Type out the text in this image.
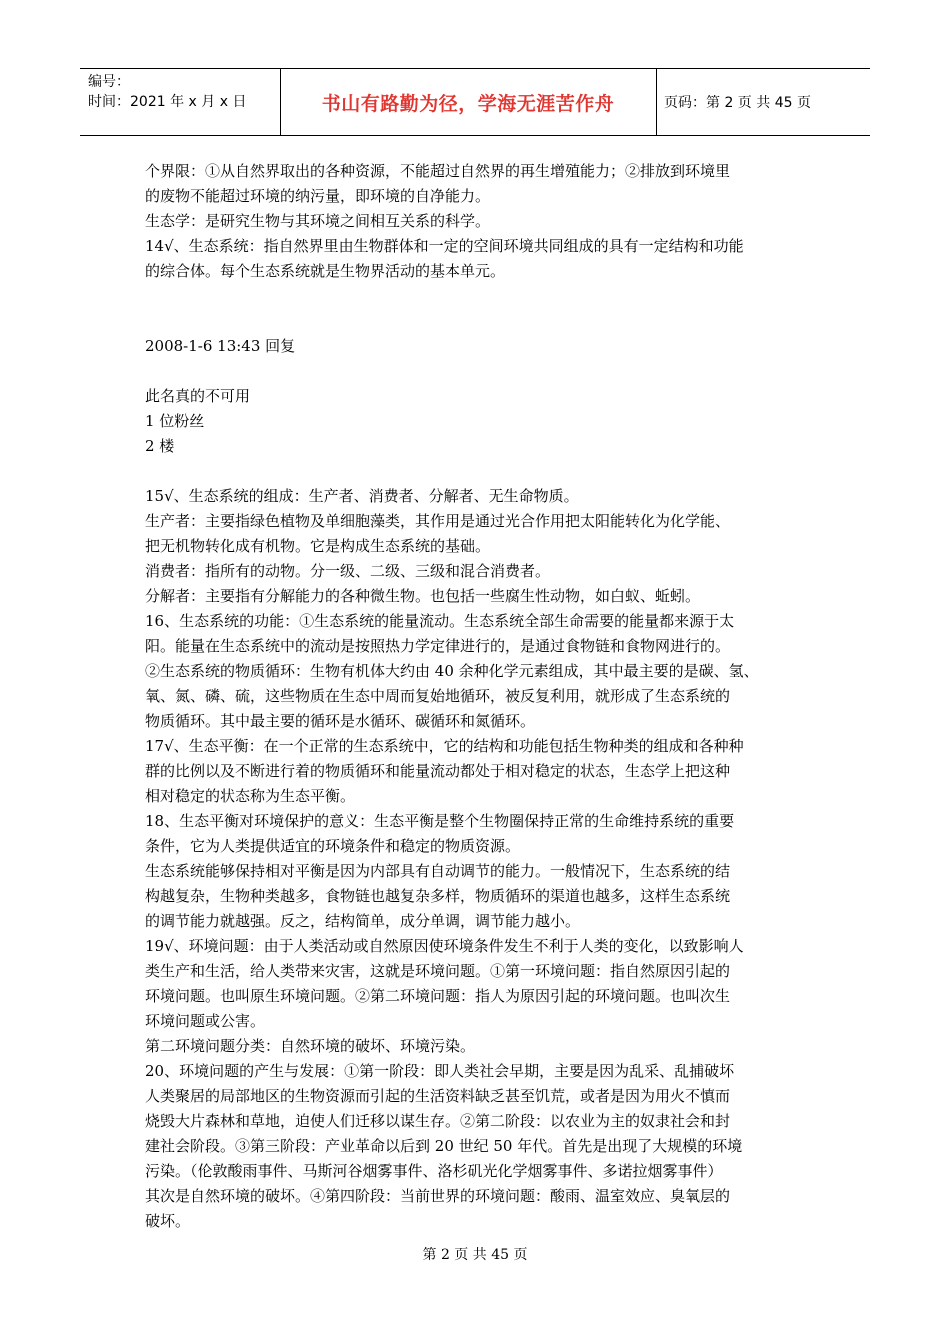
编号：
时间：2021 年 x 月 x 日	书山有路勤为径，学海无涯苦作舟	页码：第 2 页 共 45 页

个界限：①从自然界取出的各种资源，不能超过自然界的再生增殖能力；②排放到环境里

的废物不能超过环境的纳污量，即环境的自净能力。

生态学：是研究生物与其环境之间相互关系的科学。

14√、生态系统：指自然界里由生物群体和一定的空间环境共同组成的具有一定结构和功能

的综合体。每个生态系统就是生物界活动的基本单元。

2008-1-6 13:43 回复

此名真的不可用

1 位粉丝

2 楼

15√、生态系统的组成：生产者、消费者、分解者、无生命物质。

生产者：主要指绿色植物及单细胞藻类，其作用是通过光合作用把太阳能转化为化学能、

把无机物转化成有机物。它是构成生态系统的基础。

消费者：指所有的动物。分一级、二级、三级和混合消费者。

分解者：主要指有分解能力的各种微生物。也包括一些腐生性动物，如白蚁、蚯蚓。

16、生态系统的功能：①生态系统的能量流动。生态系统全部生命需要的能量都来源于太

阳。能量在生态系统中的流动是按照热力学定律进行的，是通过食物链和食物网进行的。

②生态系统的物质循环：生物有机体大约由 40 余种化学元素组成，其中最主要的是碳、氢、

氧、氮、磷、硫，这些物质在生态中周而复始地循环，被反复利用，就形成了生态系统的

物质循环。其中最主要的循环是水循环、碳循环和氮循环。

17√、生态平衡：在一个正常的生态系统中，它的结构和功能包括生物种类的组成和各种种

群的比例以及不断进行着的物质循环和能量流动都处于相对稳定的状态，生态学上把这种

相对稳定的状态称为生态平衡。

18、生态平衡对环境保护的意义：生态平衡是整个生物圈保持正常的生命维持系统的重要

条件，它为人类提供适宜的环境条件和稳定的物质资源。

生态系统能够保持相对平衡是因为内部具有自动调节的能力。一般情况下，生态系统的结

构越复杂，生物种类越多，食物链也越复杂多样，物质循环的渠道也越多，这样生态系统

的调节能力就越强。反之，结构简单，成分单调，调节能力越小。

19√、环境问题：由于人类活动或自然原因使环境条件发生不利于人类的变化，以致影响人

类生产和生活，给人类带来灾害，这就是环境问题。①第一环境问题：指自然原因引起的

环境问题。也叫原生环境问题。②第二环境问题：指人为原因引起的环境问题。也叫次生

环境问题或公害。

第二环境问题分类：自然环境的破坏、环境污染。

20、环境问题的产生与发展：①第一阶段：即人类社会早期，主要是因为乱采、乱捕破坏

人类聚居的局部地区的生物资源而引起的生活资料缺乏甚至饥荒，或者是因为用火不慎而

烧毁大片森林和草地，迫使人们迁移以谋生存。②第二阶段：以农业为主的奴隶社会和封

建社会阶段。③第三阶段：产业革命以后到 20 世纪 50 年代。首先是出现了大规模的环境

污染。（伦敦酸雨事件、马斯河谷烟雾事件、洛杉矶光化学烟雾事件、多诺拉烟雾事件）

其次是自然环境的破坏。④第四阶段：当前世界的环境问题：酸雨、温室效应、臭氧层的

破坏。

第 2 页 共 45 页
